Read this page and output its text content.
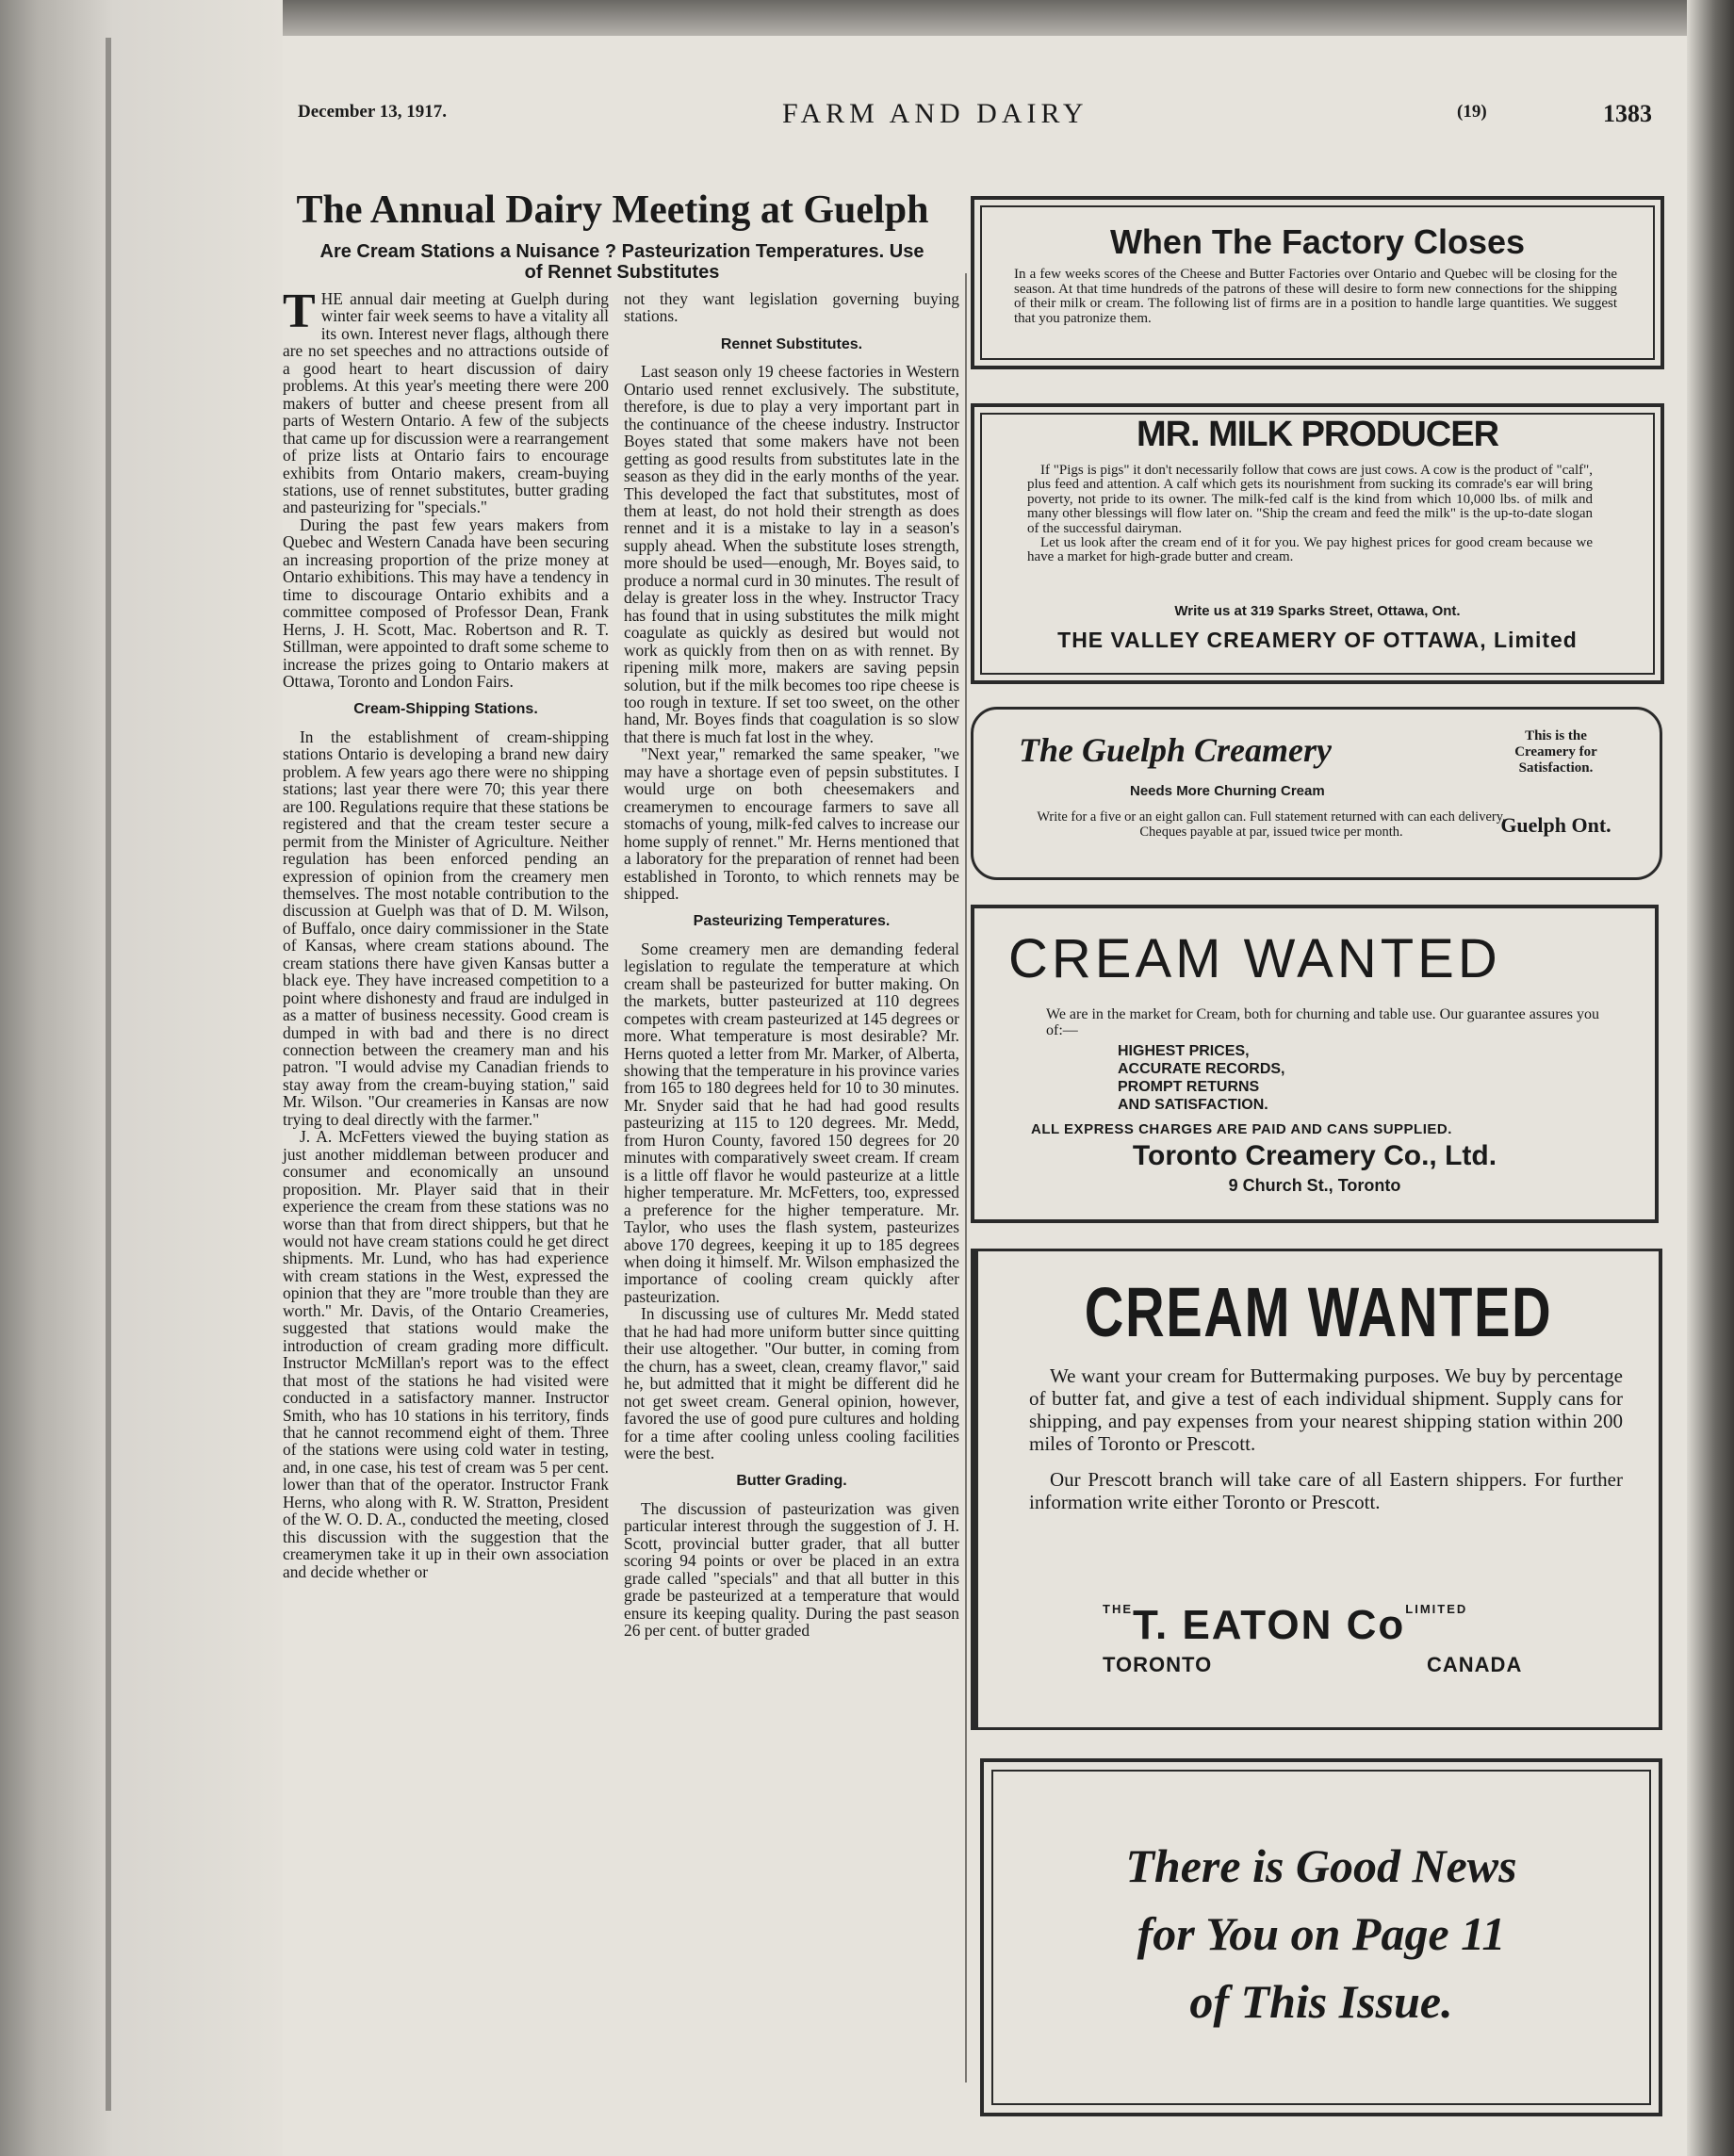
December 13, 1917.	FARM AND DAIRY	(19)	1383
The Annual Dairy Meeting at Guelph
Are Cream Stations a Nuisance ? Pasteurization Temperatures. Use of Rennet Substitutes

THE annual dair meeting at Guelph during winter fair week seems to have a vitality all its own. Interest never flags, although there are no set speeches and no attractions outside of a good heart to heart discussion of dairy problems. At this year's meeting there were 200 makers of butter and cheese present from all parts of Western Ontario. A few of the subjects that came up for discussion were a rearrangement of prize lists at Ontario fairs to encourage exhibits from Ontario makers, cream-buying stations, use of rennet substitutes, butter grading and pasteurizing for "specials."

During the past few years makers from Quebec and Western Canada have been securing an increasing proportion of the prize money at Ontario exhibitions. This may have a tendency in time to discourage Ontario exhibits and a committee composed of Professor Dean, Frank Herns, J. H. Scott, Mac. Robertson and R. T. Stillman, were appointed to draft some scheme to increase the prizes going to Ontario makers at Ottawa, Toronto and London Fairs.

Cream-Shipping Stations.

In the establishment of cream-shipping stations Ontario is developing a brand new dairy problem. A few years ago there were no shipping stations; last year there were 70; this year there are 100. Regulations require that these stations be registered and that the cream tester secure a permit from the Minister of Agriculture. Neither regulation has been enforced pending an expression of opinion from the creamery men themselves. The most notable contribution to the discussion at Guelph was that of D. M. Wilson, of Buffalo, once dairy commissioner in the State of Kansas, where cream stations abound. The cream stations there have given Kansas butter a black eye. They have increased competition to a point where dishonesty and fraud are indulged in as a matter of business necessity. Good cream is dumped in with bad and there is no direct connection between the creamery man and his patron. "I would advise my Canadian friends to stay away from the cream-buying station," said Mr. Wilson. "Our creameries in Kansas are now trying to deal directly with the farmer."

J. A. McFetters viewed the buying station as just another middleman between producer and consumer and economically an unsound proposition. Mr. Player said that in their experience the cream from these stations was no worse than that from direct shippers, but that he would not have cream stations could he get direct shipments. Mr. Lund, who has had experience with cream stations in the West, expressed the opinion that they are "more trouble than they are worth." Mr. Davis, of the Ontario Creameries, suggested that stations would make the introduction of cream grading more difficult. Instructor McMillan's report was to the effect that most of the stations he had visited were conducted in a satisfactory manner. Instructor Smith, who has 10 stations in his territory, finds that he cannot recommend eight of them. Three of the stations were using cold water in testing, and, in one case, his test of cream was 5 per cent. lower than that of the operator. Instructor Frank Herns, who along with R. W. Stratton, President of the W. O. D. A., conducted the meeting, closed this discussion with the suggestion that the creamerymen take it up in their own association and decide whether or

not they want legislation governing buying stations.

Rennet Substitutes.

Last season only 19 cheese factories in Western Ontario used rennet exclusively. The substitute, therefore, is due to play a very important part in the continuance of the cheese industry. Instructor Boyes stated that some makers have not been getting as good results from substitutes late in the season as they did in the early months of the year. This developed the fact that substitutes, most of them at least, do not hold their strength as does rennet and it is a mistake to lay in a season's supply ahead. When the substitute loses strength, more should be used—enough, Mr. Boyes said, to produce a normal curd in 30 minutes. The result of delay is greater loss in the whey. Instructor Tracy has found that in using substitutes the milk might coagulate as quickly as desired but would not work as quickly from then on as with rennet. By ripening milk more, makers are saving pepsin solution, but if the milk becomes too ripe cheese is too rough in texture. If set too sweet, on the other hand, Mr. Boyes finds that coagulation is so slow that there is much fat lost in the whey.

"Next year," remarked the same speaker, "we may have a shortage even of pepsin substitutes. I would urge on both cheesemakers and creamerymen to encourage farmers to save all stomachs of young, milk-fed calves to increase our home supply of rennet." Mr. Herns mentioned that a laboratory for the preparation of rennet had been established in Toronto, to which rennets may be shipped.

Pasteurizing Temperatures.

Some creamery men are demanding federal legislation to regulate the temperature at which cream shall be pasteurized for butter making. On the markets, butter pasteurized at 110 degrees competes with cream pasteurized at 145 degrees or more. What temperature is most desirable? Mr. Herns quoted a letter from Mr. Marker, of Alberta, showing that the temperature in his province varies from 165 to 180 degrees held for 10 to 30 minutes. Mr. Snyder said that he had had good results pasteurizing at 115 to 120 degrees. Mr. Medd, from Huron County, favored 150 degrees for 20 minutes with comparatively sweet cream. If cream is a little off flavor he would pasteurize at a little higher temperature. Mr. McFetters, too, expressed a preference for the higher temperature. Mr. Taylor, who uses the flash system, pasteurizes above 170 degrees, keeping it up to 185 degrees when doing it himself. Mr. Wilson emphasized the importance of cooling cream quickly after pasteurization.

In discussing use of cultures Mr. Medd stated that he had had more uniform butter since quitting their use altogether. "Our butter, in coming from the churn, has a sweet, clean, creamy flavor," said he, but admitted that it might be different did he not get sweet cream. General opinion, however, favored the use of good pure cultures and holding for a time after cooling unless cooling facilities were the best.

Butter Grading.

The discussion of pasteurization was given particular interest through the suggestion of J. H. Scott, provincial butter grader, that all butter scoring 94 points or over be placed in an extra grade called "specials" and that all butter in this grade be pasteurized at a temperature that would ensure its keeping quality. During the past season 26 per cent. of butter graded

When The Factory Closes
In a few weeks scores of the Cheese and Butter Factories over Ontario and Quebec will be closing for the season. At that time hundreds of the patrons of these will desire to form new connections for the shipping of their milk or cream. The following list of firms are in a position to handle large quantities. We suggest that you patronize them.
MR. MILK PRODUCER

If "Pigs is pigs" it don't necessarily follow that cows are just cows. A cow is the product of "calf", plus feed and attention. A calf which gets its nourishment from sucking its comrade's ear will bring poverty, not pride to its owner. The milk-fed calf is the kind from which 10,000 lbs. of milk and many other blessings will flow later on. "Ship the cream and feed the milk" is the up-to-date slogan of the successful dairyman.

Let us look after the cream end of it for you. We pay highest prices for good cream because we have a market for high-grade butter and cream.

Write us at 319 Sparks Street, Ottawa, Ont.
THE VALLEY CREAMERY OF OTTAWA, Limited
The Guelph Creamery
Needs More Churning Cream
Write for a five or an eight gallon can. Full statement returned with can each delivery. Cheques payable at par, issued twice per month.
This is the Creamery for Satisfaction.
Guelph Ont.
CREAM WANTED
We are in the market for Cream, both for churning and table use. Our guarantee assures you of:—
HIGHEST PRICES,
ACCURATE RECORDS,
PROMPT RETURNS
AND SATISFACTION.
ALL EXPRESS CHARGES ARE PAID AND CANS SUPPLIED.
Toronto Creamery Co., Ltd.
9 Church St., Toronto
CREAM WANTED

We want your cream for Buttermaking purposes. We buy by percentage of butter fat, and give a test of each individual shipment. Supply cans for shipping, and pay expenses from your nearest shipping station within 200 miles of Toronto or Prescott.

Our Prescott branch will take care of all Eastern shippers. For further information write either Toronto or Prescott.

$^{THE}$T. EATON $Co^{LIMITED}$
TORONTO	CANADA
There is Good News
for You on Page 11
of This Issue.
